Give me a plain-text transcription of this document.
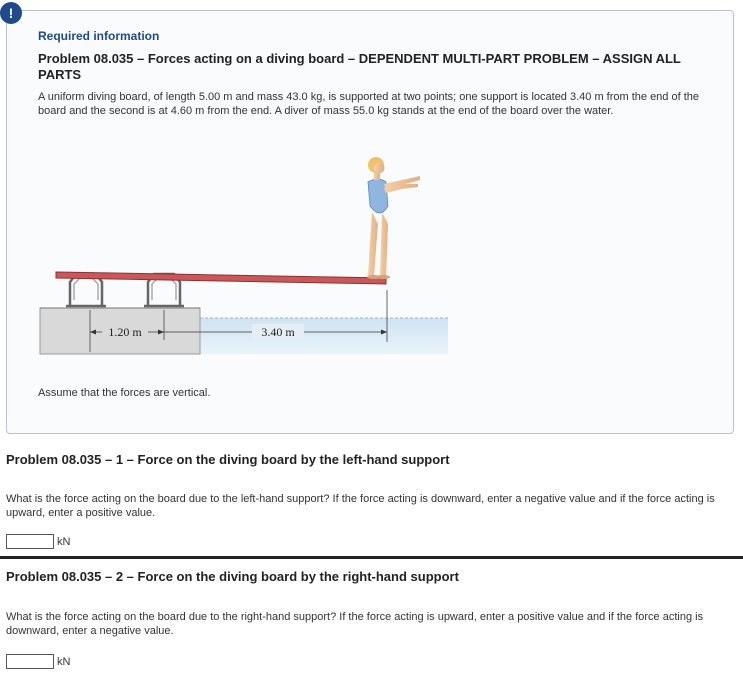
!
Required information
Problem 08.035 – Forces acting on a diving board – DEPENDENT MULTI-PART PROBLEM – ASSIGN ALL PARTS
A uniform diving board, of length 5.00 m and mass 43.0 kg, is supported at two points; one support is located 3.40 m from the end of the board and the second is at 4.60 m from the end. A diver of mass 55.0 kg stands at the end of the board over the water.
1.20 m	3.40 m
Assume that the forces are vertical.
Problem 08.035 – 1 – Force on the diving board by the left-hand support
What is the force acting on the board due to the left-hand support? If the force acting is downward, enter a negative value and if the force acting is upward, enter a positive value.
kN
Problem 08.035 – 2 – Force on the diving board by the right-hand support
What is the force acting on the board due to the right-hand support? If the force acting is upward, enter a positive value and if the force acting is downward, enter a negative value.
kN
